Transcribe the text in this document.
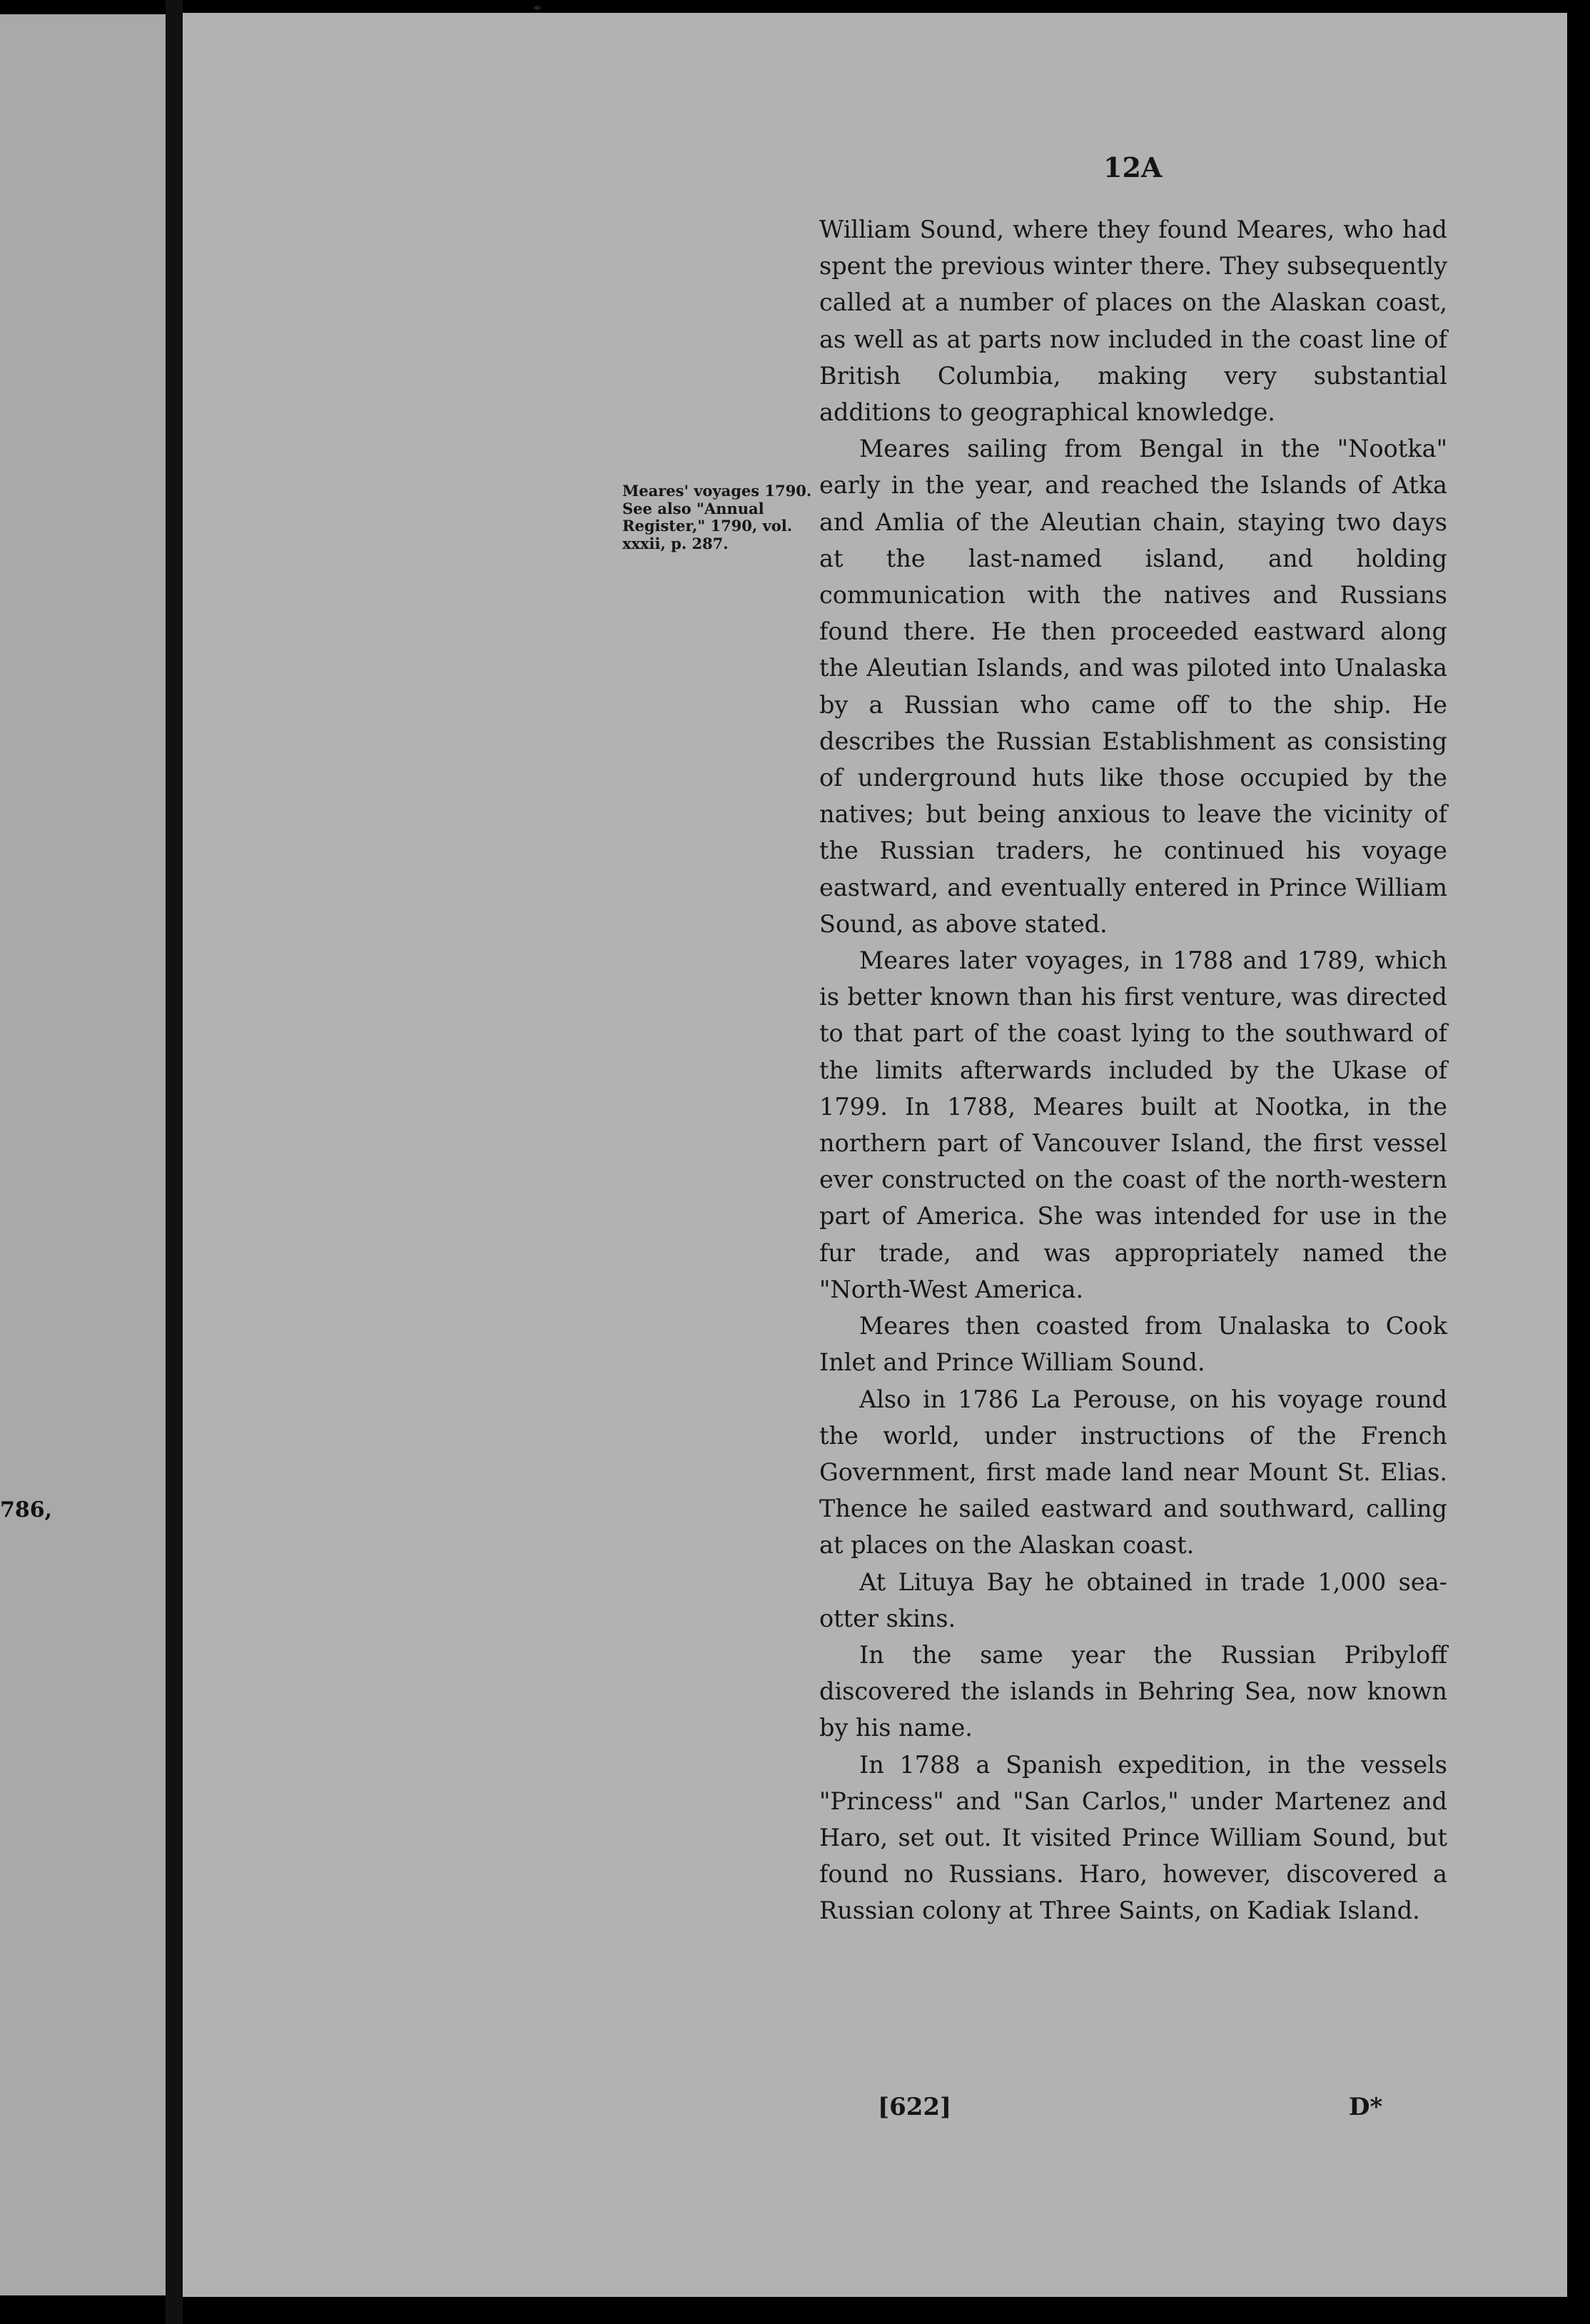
786,
12A
Meares' voyages 1790. See also "Annual Register," 1790, vol. xxxii, p. 287.

William Sound, where they found Meares, who had spent the previous winter there. They subsequently called at a number of places on the Alaskan coast, as well as at parts now included in the coast line of British Columbia, making very substantial additions to geographical knowledge.

Meares sailing from Bengal in the "Nootka" early in the year, and reached the Islands of Atka and Amlia of the Aleutian chain, staying two days at the last-named island, and holding communication with the natives and Russians found there. He then proceeded eastward along the Aleutian Islands, and was piloted into Unalaska by a Russian who came off to the ship. He describes the Russian Establishment as consisting of underground huts like those occupied by the natives; but being anxious to leave the vicinity of the Russian traders, he continued his voyage eastward, and eventually entered in Prince William Sound, as above stated.

Meares later voyages, in 1788 and 1789, which is better known than his first venture, was directed to that part of the coast lying to the southward of the limits afterwards included by the Ukase of 1799. In 1788, Meares built at Nootka, in the northern part of Vancouver Island, the first vessel ever constructed on the coast of the north-western part of America. She was intended for use in the fur trade, and was appropriately named the "North-West America.

Meares then coasted from Unalaska to Cook Inlet and Prince William Sound.

Also in 1786 La Perouse, on his voyage round the world, under instructions of the French Government, first made land near Mount St. Elias. Thence he sailed eastward and southward, calling at places on the Alaskan coast.

At Lituya Bay he obtained in trade 1,000 sea-otter skins.

In the same year the Russian Pribyloff discovered the islands in Behring Sea, now known by his name.

In 1788 a Spanish expedition, in the vessels "Princess" and "San Carlos," under Martenez and Haro, set out. It visited Prince William Sound, but found no Russians. Haro, however, discovered a Russian colony at Three Saints, on Kadiak Island.

[622]	D*
